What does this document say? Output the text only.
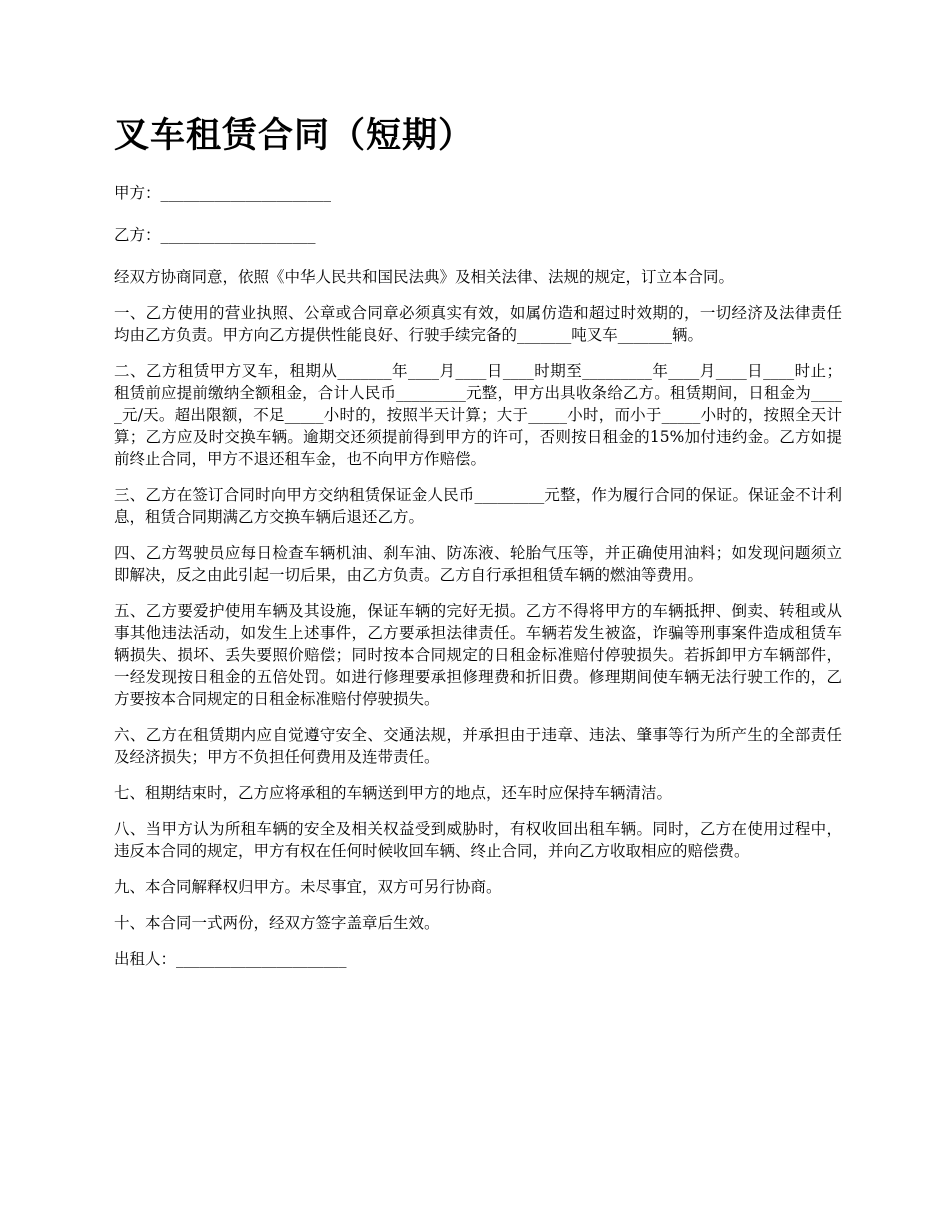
叉车租赁合同（短期）

甲方：______________________

乙方：____________________

经双方协商同意，依照《中华人民共和国民法典》及相关法律、法规的规定，订立本合同。

一、乙方使用的营业执照、公章或合同章必须真实有效，如属仿造和超过时效期的，一切经济及法律责任均由乙方负责。甲方向乙方提供性能良好、行驶手续完备的_______吨叉车_______辆。

二、乙方租赁甲方叉车，租期从_______年____月____日____时期至_________年____月____日____时止；租赁前应提前缴纳全额租金，合计人民币_________元整，甲方出具收条给乙方。租赁期间，日租金为_____元/天。超出限额，不足_____小时的，按照半天计算；大于_____小时，而小于_____小时的，按照全天计算；乙方应及时交换车辆。逾期交还须提前得到甲方的许可，否则按日租金的15%加付违约金。乙方如提前终止合同，甲方不退还租车金，也不向甲方作赔偿。

三、乙方在签订合同时向甲方交纳租赁保证金人民币_________元整，作为履行合同的保证。保证金不计利息，租赁合同期满乙方交换车辆后退还乙方。

四、乙方驾驶员应每日检查车辆机油、刹车油、防冻液、轮胎气压等，并正确使用油料；如发现问题须立即解决，反之由此引起一切后果，由乙方负责。乙方自行承担租赁车辆的燃油等费用。

五、乙方要爱护使用车辆及其设施，保证车辆的完好无损。乙方不得将甲方的车辆抵押、倒卖、转租或从事其他违法活动，如发生上述事件，乙方要承担法律责任。车辆若发生被盗，诈骗等刑事案件造成租赁车辆损失、损坏、丢失要照价赔偿；同时按本合同规定的日租金标准赔付停驶损失。若拆卸甲方车辆部件，一经发现按日租金的五倍处罚。如进行修理要承担修理费和折旧费。修理期间使车辆无法行驶工作的，乙方要按本合同规定的日租金标准赔付停驶损失。

六、乙方在租赁期内应自觉遵守安全、交通法规，并承担由于违章、违法、肇事等行为所产生的全部责任及经济损失；甲方不负担任何费用及连带责任。

七、租期结束时，乙方应将承租的车辆送到甲方的地点，还车时应保持车辆清洁。

八、当甲方认为所租车辆的安全及相关权益受到威胁时，有权收回出租车辆。同时，乙方在使用过程中，违反本合同的规定，甲方有权在任何时候收回车辆、终止合同，并向乙方收取相应的赔偿费。

九、本合同解释权归甲方。未尽事宜，双方可另行协商。

十、本合同一式两份，经双方签字盖章后生效。

出租人：______________________
